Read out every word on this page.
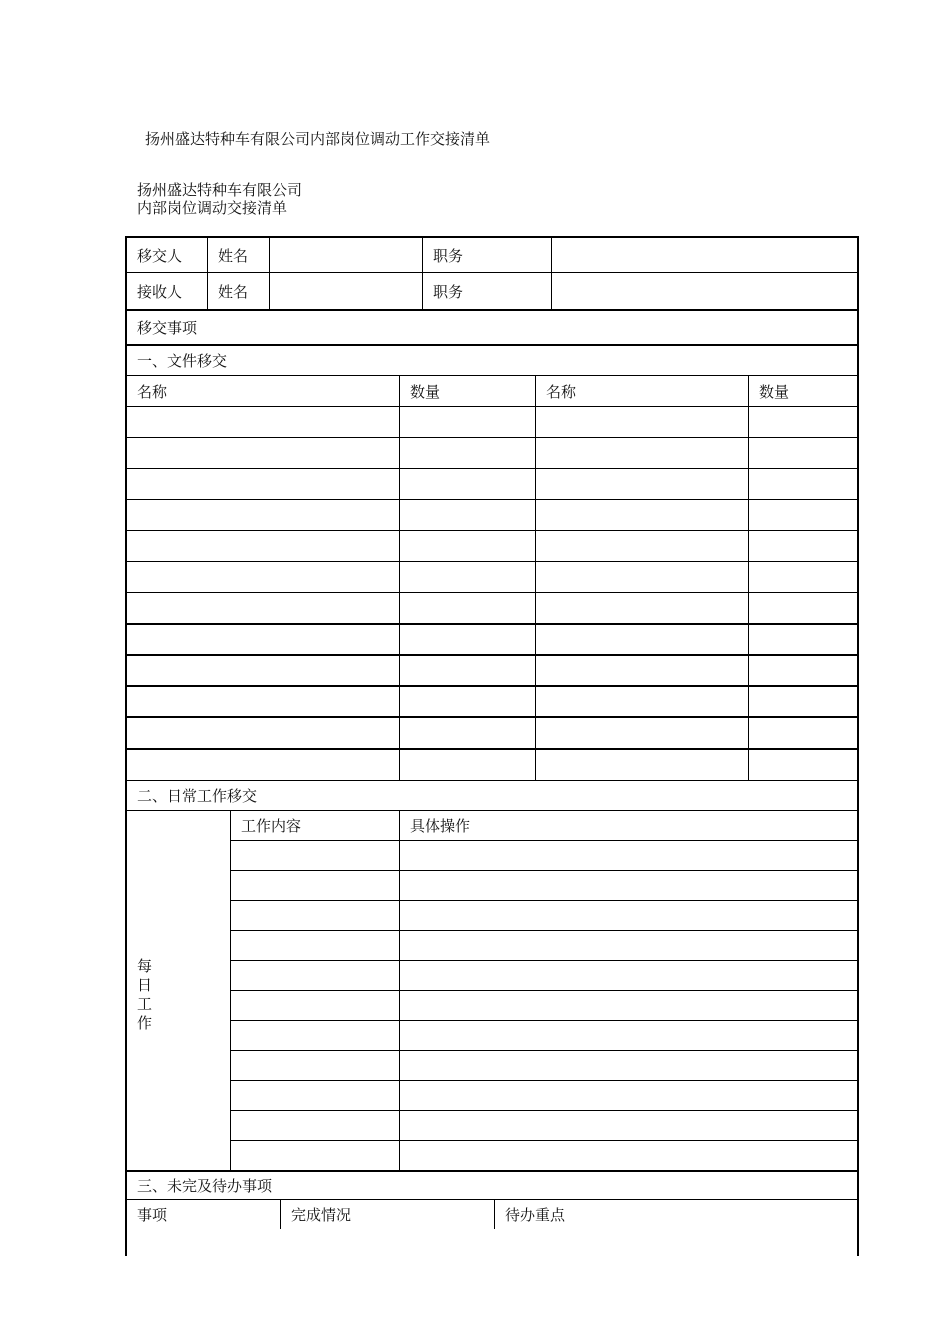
扬州盛达特种车有限公司内部岗位调动工作交接清单
扬州盛达特种车有限公司
内部岗位调动交接清单
移交人	姓名	职务
接收人	姓名	职务
移交事项
一、文件移交
名称	数量	名称	数量
二、日常工作移交
每日工作
工作内容	具体操作
三、未完及待办事项
事项	完成情况	待办重点
